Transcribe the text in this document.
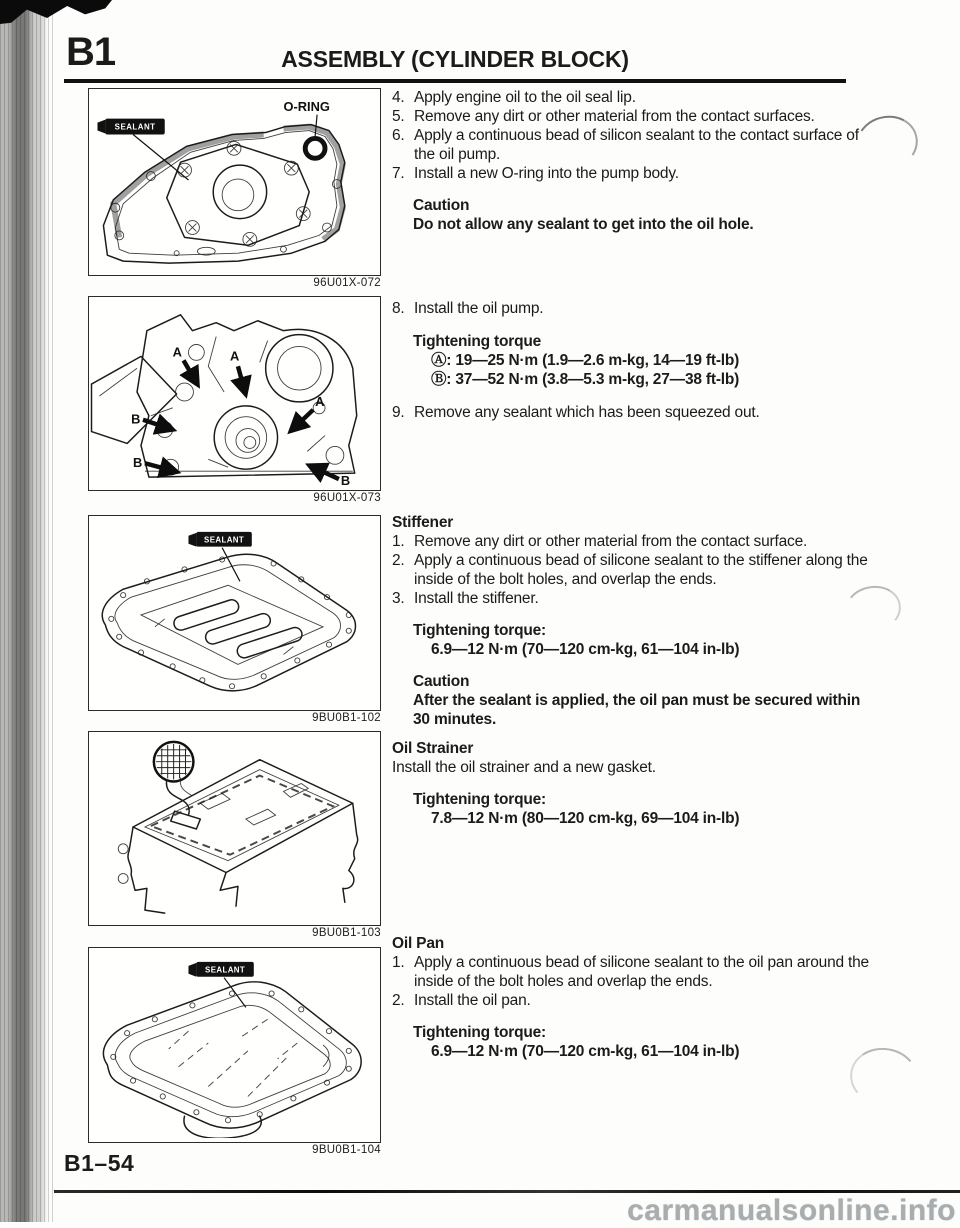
B1	ASSEMBLY (CYLINDER BLOCK)
O-RING
SEALANT
96U01X-072
A	A
A
B
B
B
96U01X-073
SEALANT
9BU0B1-102
9BU0B1-103
SEALANT
9BU0B1-104
4. Apply engine oil to the oil seal lip.
5. Remove any dirt or other material from the contact surfaces.
6. Apply a continuous bead of silicon sealant to the contact surface of the oil pump.
7. Install a new O-ring into the pump body.
Caution
Do not allow any sealant to get into the oil hole.
8. Install the oil pump.
Tightening torque
Ⓐ: 19—25 N·m (1.9—2.6 m-kg, 14—19 ft-lb)
Ⓑ: 37—52 N·m (3.8—5.3 m-kg, 27—38 ft-lb)
9. Remove any sealant which has been squeezed out.
Stiffener
1. Remove any dirt or other material from the contact surface.
2. Apply a continuous bead of silicone sealant to the stiffener along the inside of the bolt holes, and overlap the ends.
3. Install the stiffener.
Tightening torque:
6.9—12 N·m (70—120 cm-kg, 61—104 in-lb)
Caution
After the sealant is applied, the oil pan must be secured within 30 minutes.
Oil Strainer
Install the oil strainer and a new gasket.
Tightening torque:
7.8—12 N·m (80—120 cm-kg, 69—104 in-lb)
Oil Pan
1. Apply a continuous bead of silicone sealant to the oil pan around the inside of the bolt holes and overlap the ends.
2. Install the oil pan.
Tightening torque:
6.9—12 N·m (70—120 cm-kg, 61—104 in-lb)
B1–54
carmanualsonline.info
